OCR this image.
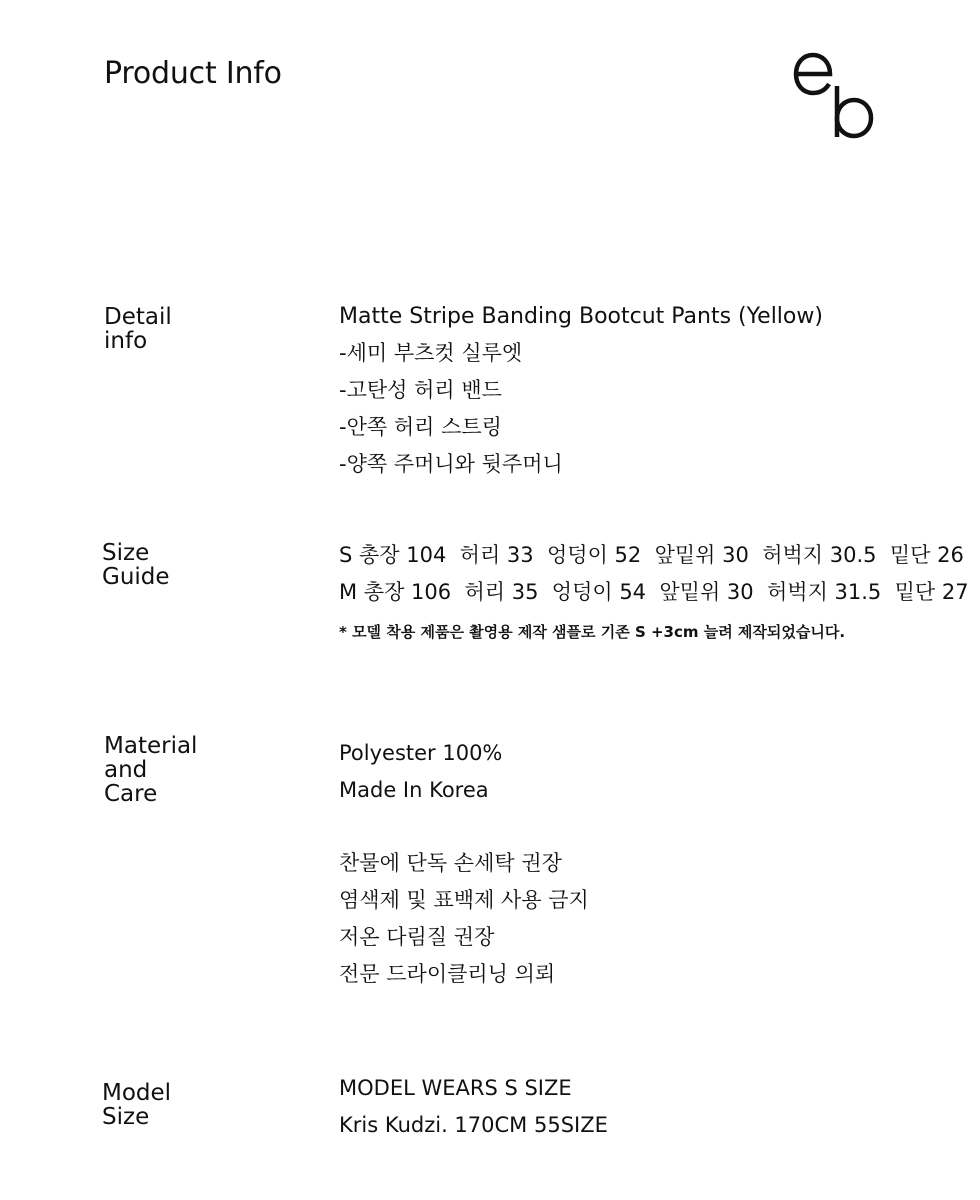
Product Info
Detail
info
Matte Stripe Banding Bootcut Pants (Yellow)
-세미 부츠컷 실루엣
-고탄성 허리 밴드
-안쪽 허리 스트링
-양쪽 주머니와 뒷주머니
Size
Guide
S 총장 104  허리 33  엉덩이 52  앞밑위 30  허벅지 30.5  밑단 26
M 총장 106  허리 35  엉덩이 54  앞밑위 30  허벅지 31.5  밑단 27
* 모델 착용 제품은 촬영용 제작 샘플로 기존 S +3cm 늘려 제작되었습니다.
Material
and
Care
Polyester 100%
Made In Korea
찬물에 단독 손세탁 권장
염색제 및 표백제 사용 금지
저온 다림질 권장
전문 드라이클리닝 의뢰
Model
Size
MODEL WEARS S SIZE
Kris Kudzi. 170CM 55SIZE
